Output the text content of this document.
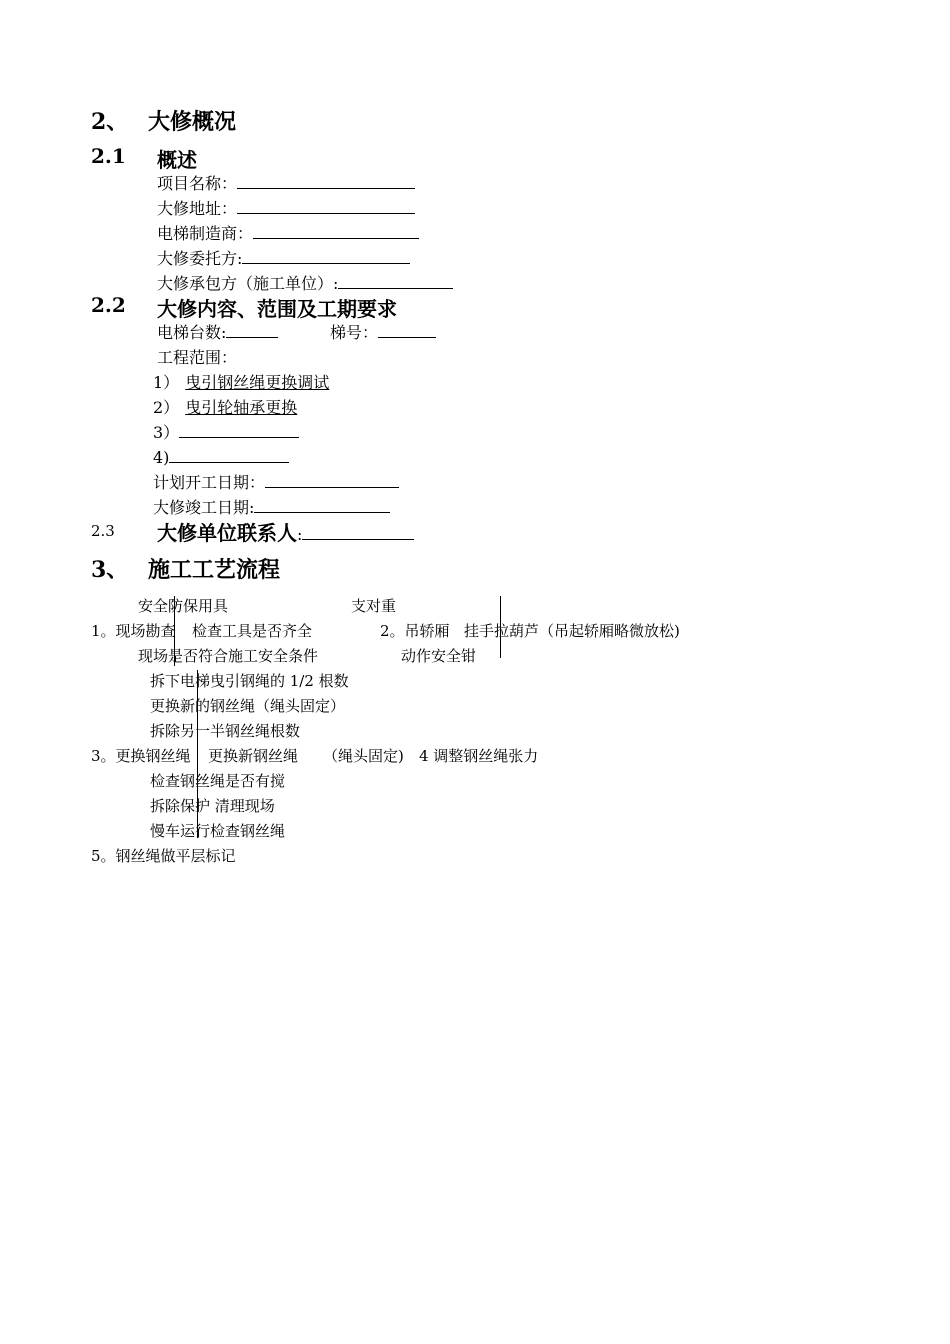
2、 大修概况
2.1 概述
项目名称：
大修地址：
电梯制造商：
大修委托方:
大修承包方（施工单位）:
2.2 大修内容、范围及工期要求
电梯台数:	梯号：
工程范围：
1） 曳引钢丝绳更换调试
2） 曳引轮轴承更换
3）
4)
计划开工日期：
大修竣工日期:
2.3 大修单位联系人:
3、 施工工艺流程
安全防保用具	支对重
1。现场勘查 检查工具是否齐全	2。吊轿厢 挂手拉葫芦（吊起轿厢略微放松)
现场是否符合施工安全条件	动作安全钳
拆下电梯曳引钢绳的 1/2 根数
更换新的钢丝绳（绳头固定）
拆除另一半钢丝绳根数
3。更换钢丝绳 更换新钢丝绳 （绳头固定) 4 调整钢丝绳张力
检查钢丝绳是否有搅
拆除保护 清理现场
慢车运行检查钢丝绳
5。钢丝绳做平层标记
